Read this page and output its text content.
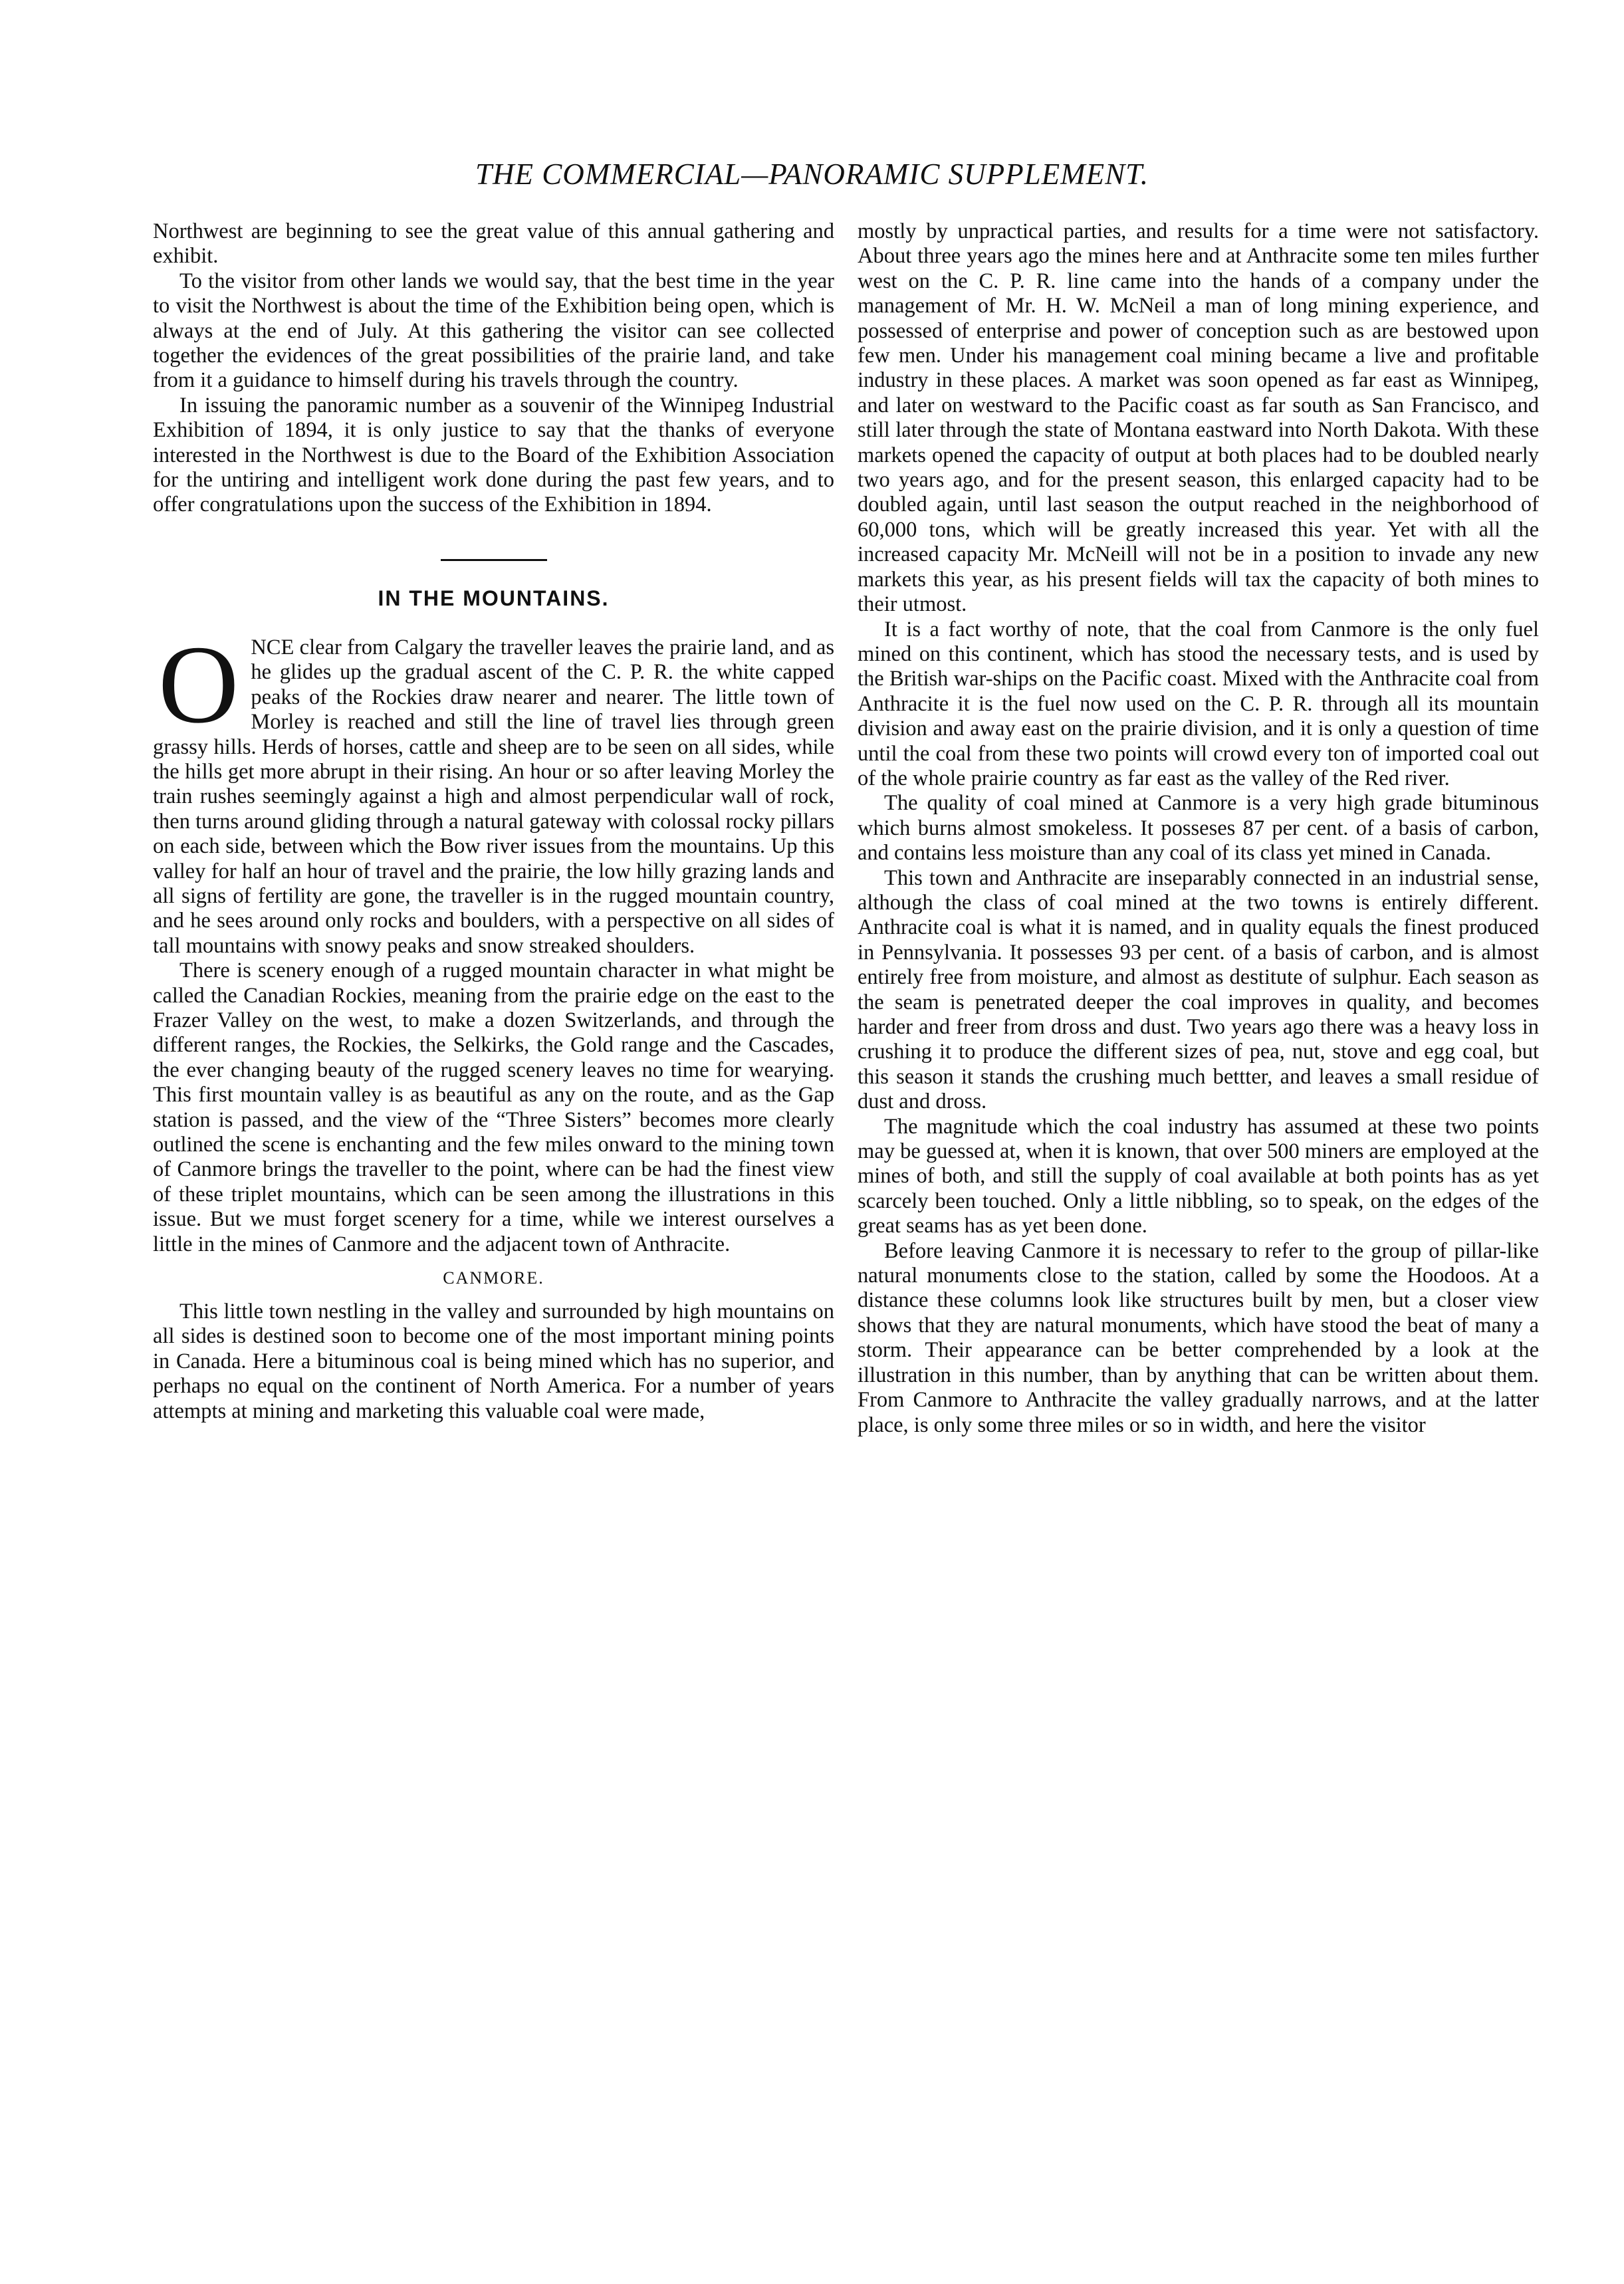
THE COMMERCIAL—PANORAMIC SUPPLEMENT.

Northwest are beginning to see the great value of this annual gathering and exhibit.

To the visitor from other lands we would say, that the best time in the year to visit the Northwest is about the time of the Exhibition being open, which is always at the end of July. At this gathering the visitor can see collected together the evidences of the great possibilities of the prairie land, and take from it a guidance to himself during his travels through the country.

In issuing the panoramic number as a souvenir of the Winnipeg Industrial Exhibition of 1894, it is only justice to say that the thanks of everyone interested in the Northwest is due to the Board of the Exhibition Association for the untiring and intelligent work done during the past few years, and to offer congratulations upon the success of the Exhibition in 1894.

IN THE MOUNTAINS.

ONCE clear from Calgary the traveller leaves the prairie land, and as he glides up the gradual ascent of the C. P. R. the white capped peaks of the Rockies draw nearer and nearer. The little town of Morley is reached and still the line of travel lies through green grassy hills. Herds of horses, cattle and sheep are to be seen on all sides, while the hills get more abrupt in their rising. An hour or so after leaving Morley the train rushes seemingly against a high and almost perpendicular wall of rock, then turns around gliding through a natural gateway with colossal rocky pillars on each side, between which the Bow river issues from the mountains. Up this valley for half an hour of travel and the prairie, the low hilly grazing lands and all signs of fertility are gone, the traveller is in the rugged mountain country, and he sees around only rocks and boulders, with a perspective on all sides of tall mountains with snowy peaks and snow streaked shoulders.

There is scenery enough of a rugged mountain character in what might be called the Canadian Rockies, meaning from the prairie edge on the east to the Frazer Valley on the west, to make a dozen Switzerlands, and through the different ranges, the Rockies, the Selkirks, the Gold range and the Cascades, the ever changing beauty of the rugged scenery leaves no time for wearying. This first mountain valley is as beautiful as any on the route, and as the Gap station is passed, and the view of the “Three Sisters” becomes more clearly outlined the scene is enchanting and the few miles onward to the mining town of Canmore brings the traveller to the point, where can be had the finest view of these triplet mountains, which can be seen among the illustrations in this issue. But we must forget scenery for a time, while we interest ourselves a little in the mines of Canmore and the adjacent town of Anthracite.

CANMORE.

This little town nestling in the valley and surrounded by high mountains on all sides is destined soon to become one of the most important mining points in Canada. Here a bituminous coal is being mined which has no superior, and perhaps no equal on the continent of North America. For a number of years attempts at mining and marketing this valuable coal were made,

mostly by unpractical parties, and results for a time were not satisfactory. About three years ago the mines here and at Anthracite some ten miles further west on the C. P. R. line came into the hands of a company under the management of Mr. H. W. McNeil a man of long mining experience, and possessed of enterprise and power of conception such as are bestowed upon few men. Under his management coal mining became a live and profitable industry in these places. A market was soon opened as far east as Winnipeg, and later on westward to the Pacific coast as far south as San Francisco, and still later through the state of Montana eastward into North Dakota. With these markets opened the capacity of output at both places had to be doubled nearly two years ago, and for the present season, this enlarged capacity had to be doubled again, until last season the output reached in the neighborhood of 60,000 tons, which will be greatly increased this year. Yet with all the increased capacity Mr. McNeill will not be in a position to invade any new markets this year, as his present fields will tax the capacity of both mines to their utmost.

It is a fact worthy of note, that the coal from Canmore is the only fuel mined on this continent, which has stood the necessary tests, and is used by the British war-ships on the Pacific coast. Mixed with the Anthracite coal from Anthracite it is the fuel now used on the C. P. R. through all its mountain division and away east on the prairie division, and it is only a question of time until the coal from these two points will crowd every ton of imported coal out of the whole prairie country as far east as the valley of the Red river.

The quality of coal mined at Canmore is a very high grade bituminous which burns almost smokeless. It posseses 87 per cent. of a basis of carbon, and contains less moisture than any coal of its class yet mined in Canada.

This town and Anthracite are inseparably connected in an industrial sense, although the class of coal mined at the two towns is entirely different. Anthracite coal is what it is named, and in quality equals the finest produced in Pennsylvania. It possesses 93 per cent. of a basis of carbon, and is almost entirely free from moisture, and almost as destitute of sulphur. Each season as the seam is penetrated deeper the coal improves in quality, and becomes harder and freer from dross and dust. Two years ago there was a heavy loss in crushing it to produce the different sizes of pea, nut, stove and egg coal, but this season it stands the crushing much bettter, and leaves a small residue of dust and dross.

The magnitude which the coal industry has assumed at these two points may be guessed at, when it is known, that over 500 miners are employed at the mines of both, and still the supply of coal available at both points has as yet scarcely been touched. Only a little nibbling, so to speak, on the edges of the great seams has as yet been done.

Before leaving Canmore it is necessary to refer to the group of pillar-like natural monuments close to the station, called by some the Hoodoos. At a distance these columns look like structures built by men, but a closer view shows that they are natural monuments, which have stood the beat of many a storm. Their appearance can be better comprehended by a look at the illustration in this number, than by anything that can be written about them. From Canmore to Anthracite the valley gradually narrows, and at the latter place, is only some three miles or so in width, and here the visitor
